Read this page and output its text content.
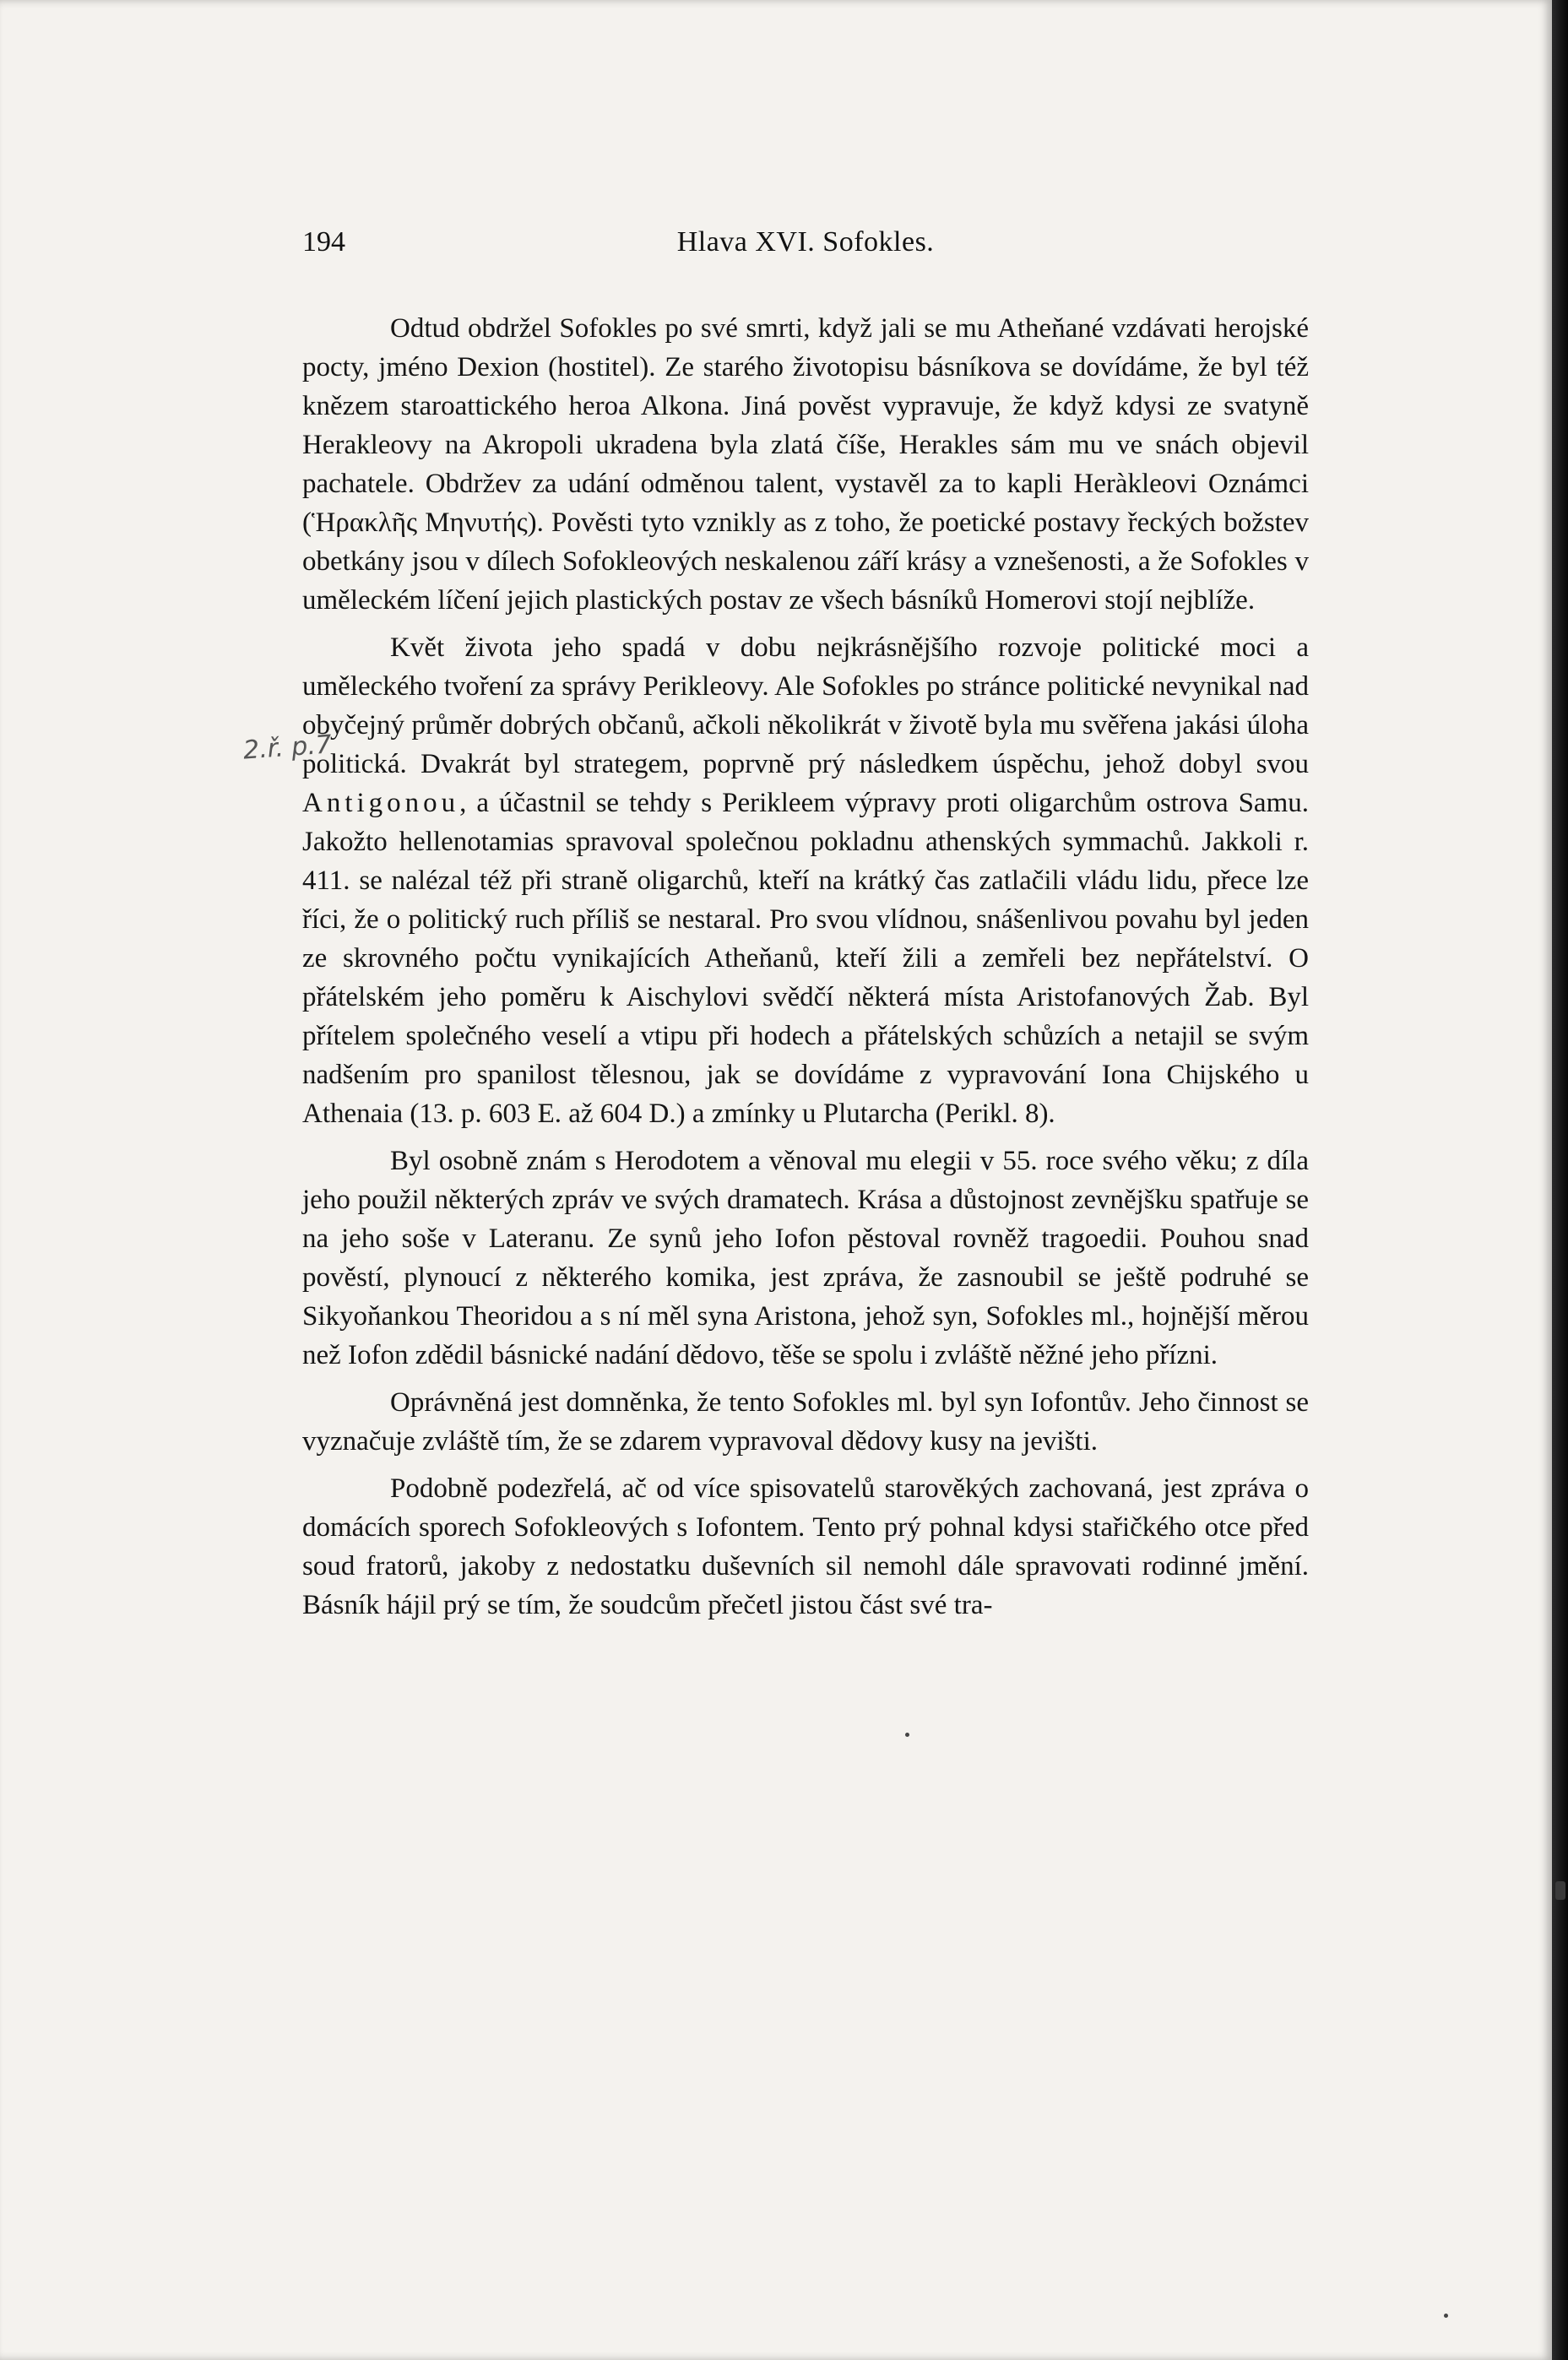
194	Hlava XVI. Sofokles.
2.ř. p.7

Odtud obdržel Sofokles po své smrti, když jali se mu Atheňané vzdávati herojské pocty, jméno Dexion (hostitel). Ze starého životopisu básníkova se dovídáme, že byl též knězem staroattického heroa Alkona. Jiná pověst vypravuje, že když kdysi ze svatyně Herakleovy na Akropoli ukradena byla zlatá číše, Herakles sám mu ve snách objevil pachatele. Obdržev za udání odměnou talent, vystavěl za to kapli Heràkleovi Oznámci (Ἡρακλῆς Μηνυτής). Pověsti tyto vznikly as z toho, že poetické postavy řeckých božstev obetkány jsou v dílech Sofokleových neskalenou září krásy a vznešenosti, a že Sofokles v uměleckém líčení jejich plastických postav ze všech básníků Homerovi stojí nejblíže.

Květ života jeho spadá v dobu nejkrásnějšího rozvoje politické moci a uměleckého tvoření za správy Perikleovy. Ale Sofokles po stránce politické nevynikal nad obyčejný průměr dobrých občanů, ačkoli několikrát v životě byla mu svěřena jakási úloha politická. Dvakrát byl strategem, poprvně prý následkem úspěchu, jehož dobyl svou Antigonou, a účastnil se tehdy s Perikleem výpravy proti oligarchům ostrova Samu. Jakožto hellenotamias spravoval společnou pokladnu athenských symmachů. Jakkoli r. 411. se nalézal též při straně oligarchů, kteří na krátký čas zatlačili vládu lidu, přece lze říci, že o politický ruch příliš se nestaral. Pro svou vlídnou, snášenlivou povahu byl jeden ze skrovného počtu vynikajících Atheňanů, kteří žili a zemřeli bez nepřátelství. O přátelském jeho poměru k Aischylovi svědčí některá místa Aristofanových Žab. Byl přítelem společného veselí a vtipu při hodech a přátelských schůzích a netajil se svým nadšením pro spanilost tělesnou, jak se dovídáme z vypravování Iona Chijského u Athenaia (13. p. 603 E. až 604 D.) a zmínky u Plutarcha (Perikl. 8).

Byl osobně znám s Herodotem a věnoval mu elegii v 55. roce svého věku; z díla jeho použil některých zpráv ve svých dramatech. Krása a důstojnost zevnějšku spatřuje se na jeho soše v Lateranu. Ze synů jeho Iofon pěstoval rovněž tragoedii. Pouhou snad pověstí, plynoucí z některého komika, jest zpráva, že zasnoubil se ještě podruhé se Sikyoňankou Theoridou a s ní měl syna Aristona, jehož syn, Sofokles ml., hojnější měrou než Iofon zdědil básnické nadání dědovo, těše se spolu i zvláště něžné jeho přízni.

Oprávněná jest domněnka, že tento Sofokles ml. byl syn Iofontův. Jeho činnost se vyznačuje zvláště tím, že se zdarem vypravoval dědovy kusy na jevišti.

Podobně podezřelá, ač od více spisovatelů starověkých zachovaná, jest zpráva o domácích sporech Sofokleových s Iofontem. Tento prý pohnal kdysi stařičkého otce před soud fratorů, jakoby z nedostatku duševních sil nemohl dále spravovati rodinné jmění. Básník hájil prý se tím, že soudcům přečetl jistou část své tra-
